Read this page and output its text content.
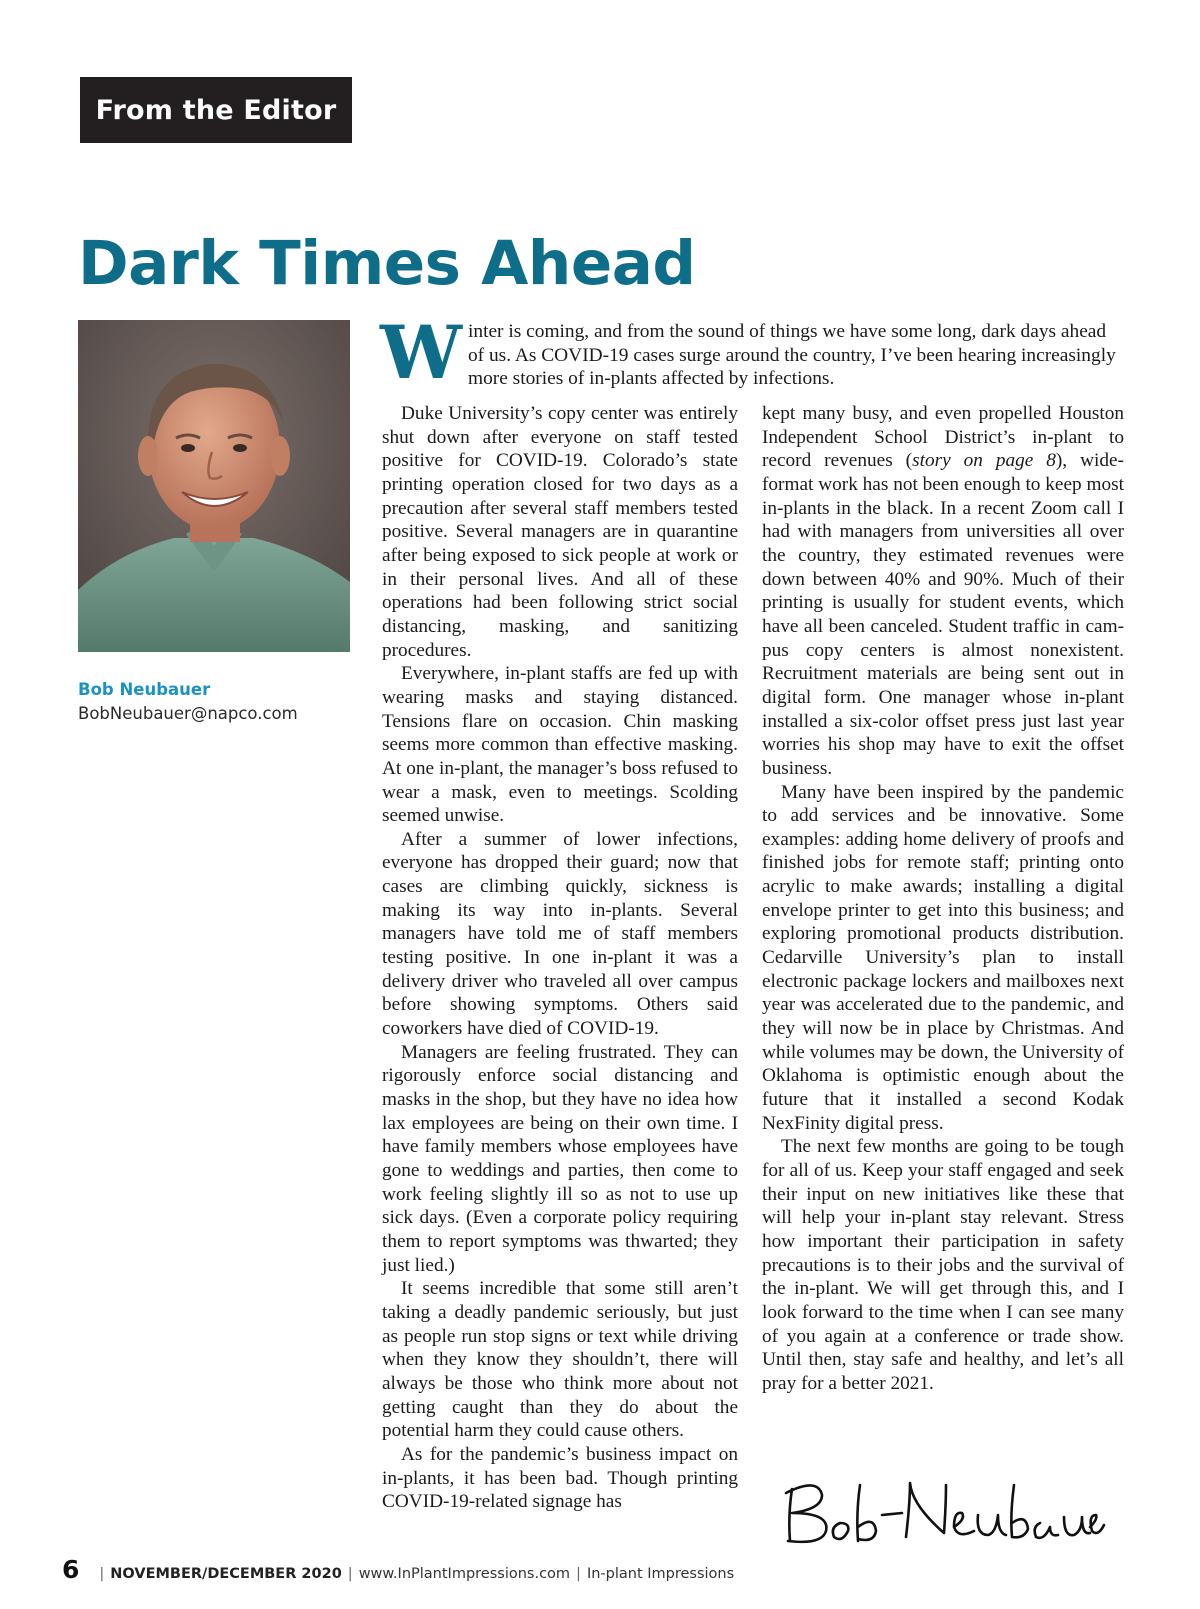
From the Editor
Dark Times Ahead
Bob Neubauer
BobNeubauer@napco.com
W inter is coming, and from the sound of things we have some long, dark days ahead of us. As COVID-19 cases surge around the country, I’ve been hearing increasingly more stories of in-plants affected by infections.

Duke University’s copy center was entirely shut down after everyone on staff tested positive for COVID-19. Colorado’s state printing operation closed for two days as a precaution after several staff members tested positive. Several managers are in quarantine after being exposed to sick people at work or in their personal lives. And all of these operations had been following strict social distancing, masking, and sanitizing procedures.

Everywhere, in-plant staffs are fed up with wearing masks and staying distanced. Tensions flare on occasion. Chin masking seems more common than effective masking. At one in-plant, the manager’s boss refused to wear a mask, even to meetings. Scolding seemed unwise.

After a summer of lower infections, everyone has dropped their guard; now that cases are climbing quickly, sickness is making its way into in-plants. Several managers have told me of staff members testing positive. In one in-plant it was a delivery driver who traveled all over campus before showing symptoms. Others said coworkers have died of COVID-19.

Managers are feeling frustrated. They can rigorously enforce social distancing and masks in the shop, but they have no idea how lax employees are being on their own time. I have family members whose employees have gone to weddings and parties, then come to work feeling slightly ill so as not to use up sick days. (Even a corporate policy requiring them to report symptoms was thwarted; they just lied.)

It seems incredible that some still aren’t taking a deadly pandemic seriously, but just as people run stop signs or text while driving when they know they shouldn’t, there will always be those who think more about not getting caught than they do about the potential harm they could cause others.

As for the pandemic’s business impact on in-plants, it has been bad. Though printing COVID-19-related signage has

kept many busy, and even propelled Houston Independent School District’s in-plant to record revenues (story on page 8), wide-format work has not been enough to keep most in-plants in the black. In a recent Zoom call I had with managers from universities all over the country, they estimated revenues were down between 40% and 90%. Much of their printing is usually for student events, which have all been canceled. Student traffic in campus copy centers is almost nonexistent. Recruitment materials are being sent out in digital form. One manager whose in-plant installed a six-color offset press just last year worries his shop may have to exit the offset business.

Many have been inspired by the pandemic to add services and be innovative. Some examples: adding home delivery of proofs and finished jobs for remote staff; printing onto acrylic to make awards; installing a digital envelope printer to get into this business; and exploring promotional products distribution. Cedarville University’s plan to install electronic package lockers and mailboxes next year was accelerated due to the pandemic, and they will now be in place by Christmas. And while volumes may be down, the University of Oklahoma is optimistic enough about the future that it installed a second Kodak NexFinity digital press.

The next few months are going to be tough for all of us. Keep your staff engaged and seek their input on new initiatives like these that will help your in-plant stay relevant. Stress how important their participation in safety precautions is to their jobs and the survival of the in-plant. We will get through this, and I look forward to the time when I can see many of you again at a conference or trade show. Until then, stay safe and healthy, and let’s all pray for a better 2021.

6 | NOVEMBER/DECEMBER 2020 | www.InPlantImpressions.com | In-plant Impressions
